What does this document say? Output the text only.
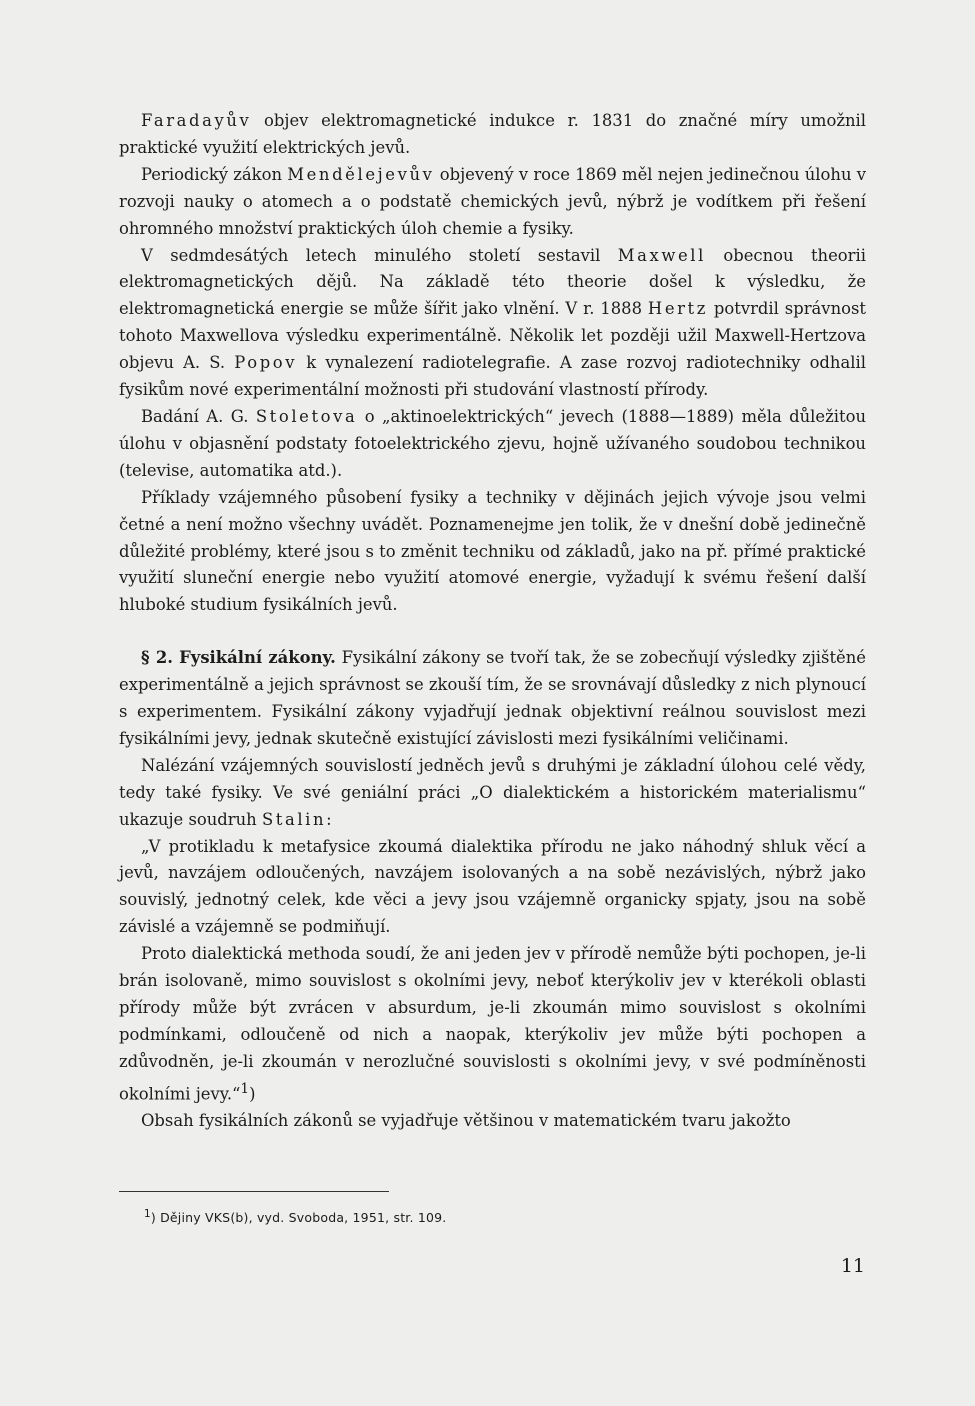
Faradayův objev elektromagnetické indukce r. 1831 do značné míry umožnil praktické využití elektrických jevů.

Periodický zákon Mendělejevův objevený v roce 1869 měl nejen jedinečnou úlohu v rozvoji nauky o atomech a o podstatě chemických jevů, nýbrž je vodítkem při řešení ohromného množství praktických úloh chemie a fysiky.

V sedmdesátých letech minulého století sestavil Maxwell obecnou theorii elektromagnetických dějů. Na základě této theorie došel k výsledku, že elektromagnetická energie se může šířit jako vlnění. V r. 1888 Hertz potvrdil správnost tohoto Maxwellova výsledku experimentálně. Několik let později užil Maxwell-Hertzova objevu A. S. Popov k vynalezení radiotelegrafie. A zase rozvoj radiotechniky odhalil fysikům nové experimentální možnosti při studování vlastností přírody.

Badání A. G. Stoletova o „aktinoelektrických“ jevech (1888—1889) měla důležitou úlohu v objasnění podstaty fotoelektrického zjevu, hojně užívaného soudobou technikou (televise, automatika atd.).

Příklady vzájemného působení fysiky a techniky v dějinách jejich vývoje jsou velmi četné a není možno všechny uvádět. Poznamenejme jen tolik, že v dnešní době jedinečně důležité problémy, které jsou s to změnit techniku od základů, jako na př. přímé praktické využití sluneční energie nebo využití atomové energie, vyžadují k svému řešení další hluboké studium fysikálních jevů.

§ 2. Fysikální zákony. Fysikální zákony se tvoří tak, že se zobecňují výsledky zjištěné experimentálně a jejich správnost se zkouší tím, že se srovnávají důsledky z nich plynoucí s experimentem. Fysikální zákony vyjadřují jednak objektivní reálnou souvislost mezi fysikálními jevy, jednak skutečně existující závislosti mezi fysikálními veličinami.

Nalézání vzájemných souvislostí jedněch jevů s druhými je základní úlohou celé vědy, tedy také fysiky. Ve své geniální práci „O dialektickém a historickém materialismu“ ukazuje soudruh Stalin:

„V protikladu k metafysice zkoumá dialektika přírodu ne jako náhodný shluk věcí a jevů, navzájem odloučených, navzájem isolovaných a na sobě nezávislých, nýbrž jako souvislý, jednotný celek, kde věci a jevy jsou vzájemně organicky spjaty, jsou na sobě závislé a vzájemně se podmiňují.

Proto dialektická methoda soudí, že ani jeden jev v přírodě nemůže býti pochopen, je-li brán isolovaně, mimo souvislost s okolními jevy, neboť kterýkoliv jev v kterékoli oblasti přírody může být zvrácen v absurdum, je-li zkoumán mimo souvislost s okolními podmínkami, odloučeně od nich a naopak, kterýkoliv jev může býti pochopen a zdůvodněn, je-li zkoumán v nerozlučné souvislosti s okolními jevy, v své podmíněnosti okolními jevy.“$^1$)

Obsah fysikálních zákonů se vyjadřuje většinou v matematickém tvaru jakožto

$^1$) Dějiny VKS(b), vyd. Svoboda, 1951, str. 109.
11
